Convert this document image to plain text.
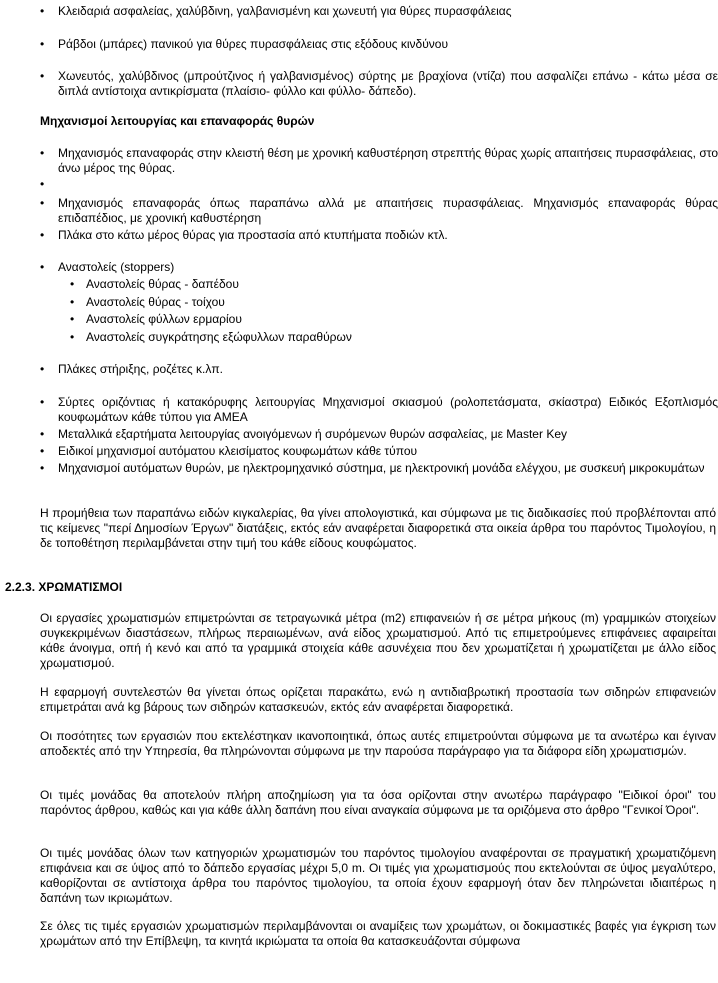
• Κλειδαριά ασφαλείας, χαλύβδινη, γαλβανισμένη και χωνευτή για θύρες πυρασφάλειας
• Ράβδοι (μπάρες) πανικού για θύρες πυρασφάλειας στις εξόδους κινδύνου
• Χωνευτός, χαλύβδινος (μπρούτζινος ή γαλβανισμένος) σύρτης με βραχίονα (ντίζα) που ασφαλίζει επάνω - κάτω μέσα σε διπλά αντίστοιχα αντικρίσματα (πλαίσιο- φύλλο και φύλλο- δάπεδο).
Μηχανισμοί λειτουργίας και επαναφοράς θυρών
• Μηχανισμός επαναφοράς στην κλειστή θέση με χρονική καθυστέρηση στρεπτής θύρας χωρίς απαιτήσεις πυρασφάλειας, στο άνω μέρος της θύρας.
•
• Μηχανισμός επαναφοράς όπως παραπάνω αλλά με απαιτήσεις πυρασφάλειας. Μηχανισμός επαναφοράς θύρας επιδαπέδιος, με χρονική καθυστέρηση
• Πλάκα στο κάτω μέρος θύρας για προστασία από κτυπήματα ποδιών κτλ.
• Αναστολείς (stoppers)
• Αναστολείς θύρας - δαπέδου
• Αναστολείς θύρας - τοίχου
• Αναστολείς φύλλων ερμαρίου
• Αναστολείς συγκράτησης εξώφυλλων παραθύρων
• Πλάκες στήριξης, ροζέτες κ.λπ.
• Σύρτες οριζόντιας ή κατακόρυφης λειτουργίας Μηχανισμοί σκιασμού (ρολοπετάσματα, σκίαστρα) Ειδικός Εξοπλισμός κουφωμάτων κάθε τύπου για ΑΜΕΑ
• Μεταλλικά εξαρτήματα λειτουργίας ανοιγόμενων ή συρόμενων θυρών ασφαλείας, με Master Key
• Ειδικοί μηχανισμοί αυτόματου κλεισίματος κουφωμάτων κάθε τύπου
• Μηχανισμοί αυτόματων θυρών, με ηλεκτρομηχανικό σύστημα, με ηλεκτρονική μονάδα ελέγχου, με συσκευή μικροκυμάτων
Η προμήθεια των παραπάνω ειδών κιγκαλερίας, θα γίνει απολογιστικά, και σύμφωνα με τις διαδικασίες πού προβλέπονται από τις κείμενες "περί Δημοσίων Έργων" διατάξεις, εκτός εάν αναφέρεται διαφορετικά στα οικεία άρθρα του παρόντος Τιμολογίου, η δε τοποθέτηση περιλαμβάνεται στην τιμή του κάθε είδους κουφώματος.
2.2.3. ΧΡΩΜΑΤΙΣΜΟΙ
Οι εργασίες χρωματισμών επιμετρώνται σε τετραγωνικά μέτρα (m2) επιφανειών ή σε μέτρα μήκους (m) γραμμικών στοιχείων συγκεκριμένων διαστάσεων, πλήρως περαιωμένων, ανά είδος χρωματισμού. Από τις επιμετρούμενες επιφάνειες αφαιρείται κάθε άνοιγμα, οπή ή κενό και από τα γραμμικά στοιχεία κάθε ασυνέχεια που δεν χρωματίζεται ή χρωματίζεται με άλλο είδος χρωματισμού.
Η εφαρμογή συντελεστών θα γίνεται όπως ορίζεται παρακάτω, ενώ η αντιδιαβρωτική προστασία των σιδηρών επιφανειών επιμετράται ανά kg βάρους των σιδηρών κατασκευών, εκτός εάν αναφέρεται διαφορετικά.
Οι ποσότητες των εργασιών που εκτελέστηκαν ικανοποιητικά, όπως αυτές επιμετρούνται σύμφωνα με τα ανωτέρω και έγιναν αποδεκτές από την Υπηρεσία, θα πληρώνονται σύμφωνα με την παρούσα παράγραφο για τα διάφορα είδη χρωματισμών.
Οι τιμές μονάδας θα αποτελούν πλήρη αποζημίωση για τα όσα ορίζονται στην ανωτέρω παράγραφο "Ειδικοί όροι" του παρόντος άρθρου, καθώς και για κάθε άλλη δαπάνη που είναι αναγκαία σύμφωνα με τα οριζόμενα στο άρθρο "Γενικοί Όροι".
Οι τιμές μονάδας όλων των κατηγοριών χρωματισμών του παρόντος τιμολογίου αναφέρονται σε πραγματική χρωματιζόμενη επιφάνεια και σε ύψος από το δάπεδο εργασίας μέχρι 5,0 m. Οι τιμές για χρωματισμούς που εκτελούνται σε ύψος μεγαλύτερο, καθορίζονται σε αντίστοιχα άρθρα του παρόντος τιμολογίου, τα οποία έχουν εφαρμογή όταν δεν πληρώνεται ιδιαιτέρως η δαπάνη των ικριωμάτων.
Σε όλες τις τιμές εργασιών χρωματισμών περιλαμβάνονται οι αναμίξεις των χρωμάτων, οι δοκιμαστικές βαφές για έγκριση των χρωμάτων από την Επίβλεψη, τα κινητά ικριώματα τα οποία θα κατασκευάζονται σύμφωνα
